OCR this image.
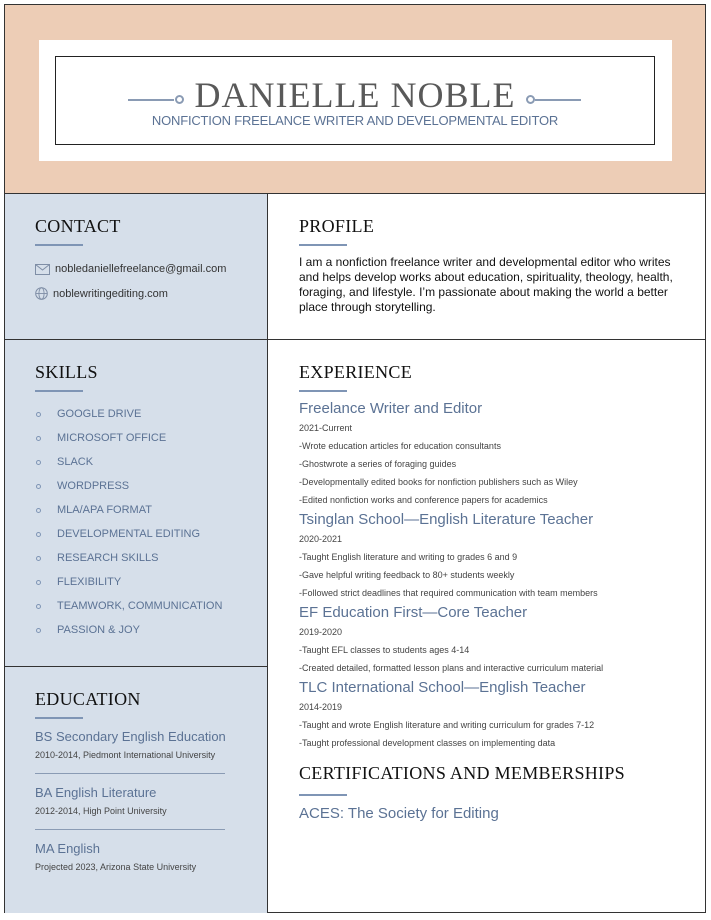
DANIELLE NOBLE
NONFICTION FREELANCE WRITER AND DEVELOPMENTAL EDITOR
CONTACT
nobledaniellefreelance@gmail.com
noblewritingediting.com
SKILLS
GOOGLE DRIVE
MICROSOFT OFFICE
SLACK
WORDPRESS
MLA/APA FORMAT
DEVELOPMENTAL EDITING
RESEARCH SKILLS
FLEXIBILITY
TEAMWORK, COMMUNICATION
PASSION & JOY
EDUCATION
BS Secondary English Education
2010-2014, Piedmont International University
BA English Literature
2012-2014, High Point University
MA English
Projected 2023, Arizona State University
PROFILE
I am a nonfiction freelance writer and developmental editor who writes and helps develop works about education, spirituality, theology, health, foraging, and lifestyle. I’m passionate about making the world a better place through storytelling.
EXPERIENCE
Freelance Writer and Editor
2021-Current
-Wrote education articles for education consultants
-Ghostwrote a series of foraging guides
-Developmentally edited books for nonfiction publishers such as Wiley
-Edited nonfiction works and conference papers for academics
Tsinglan School—English Literature Teacher
2020-2021
-Taught English literature and writing to grades 6 and 9
-Gave helpful writing feedback to 80+ students weekly
-Followed strict deadlines that required communication with team members
EF Education First—Core Teacher
2019-2020
-Taught EFL classes to students ages 4-14
-Created detailed, formatted lesson plans and interactive curriculum material
TLC International School—English Teacher
2014-2019
-Taught and wrote English literature and writing curriculum for grades 7-12
-Taught professional development classes on implementing data
CERTIFICATIONS AND MEMBERSHIPS
ACES: The Society for Editing
